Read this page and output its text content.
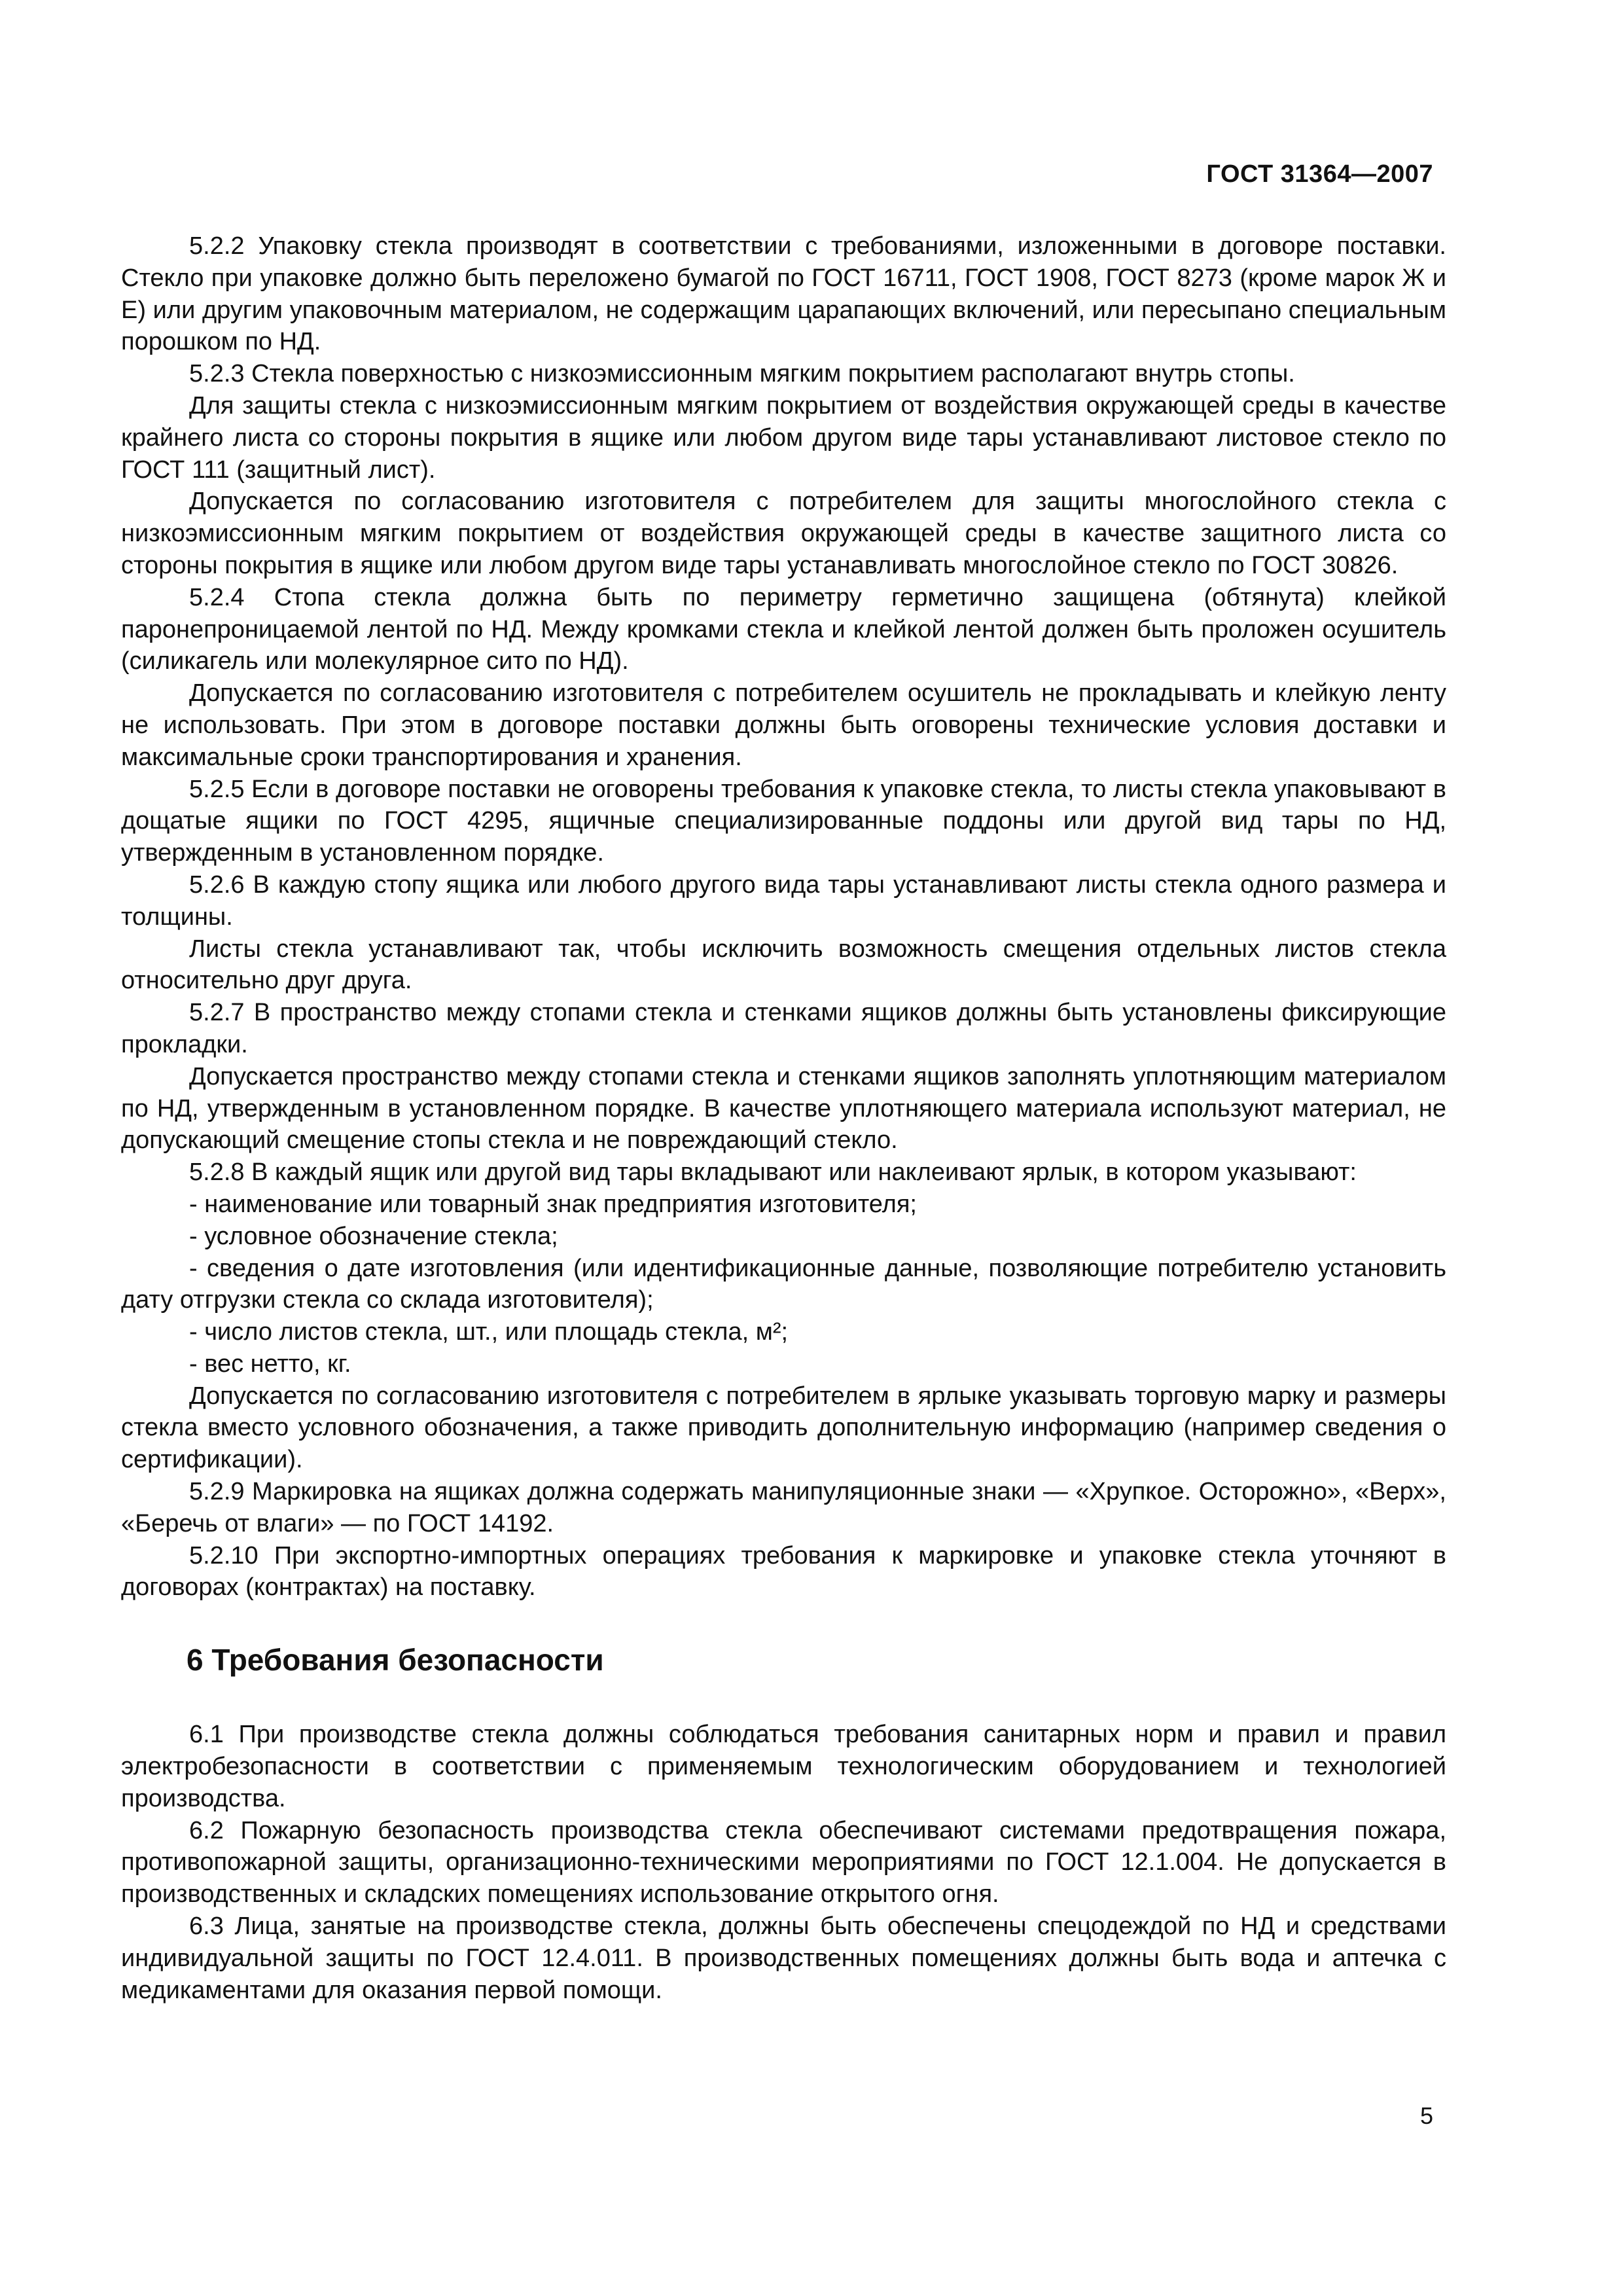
ГОСТ 31364—2007

5.2.2 Упаковку стекла производят в соответствии с требованиями, изложенными в договоре поставки. Стекло при упаковке должно быть переложено бумагой по ГОСТ 16711, ГОСТ 1908, ГОСТ 8273 (кроме марок Ж и Е) или другим упаковочным материалом, не содержащим царапающих включений, или пересыпано специальным порошком по НД.

5.2.3 Стекла поверхностью с низкоэмиссионным мягким покрытием располагают внутрь стопы.

Для защиты стекла с низкоэмиссионным мягким покрытием от воздействия окружающей среды в качестве крайнего листа со стороны покрытия в ящике или любом другом виде тары устанавливают листовое стекло по ГОСТ 111 (защитный лист).

Допускается по согласованию изготовителя с потребителем для защиты многослойного стекла с низкоэмиссионным мягким покрытием от воздействия окружающей среды в качестве защитного листа со стороны покрытия в ящике или любом другом виде тары устанавливать многослойное стекло по ГОСТ 30826.

5.2.4 Стопа стекла должна быть по периметру герметично защищена (обтянута) клейкой паронепроницаемой лентой по НД. Между кромками стекла и клейкой лентой должен быть проложен осушитель (силикагель или молекулярное сито по НД).

Допускается по согласованию изготовителя с потребителем осушитель не прокладывать и клейкую ленту не использовать. При этом в договоре поставки должны быть оговорены технические условия доставки и максимальные сроки транспортирования и хранения.

5.2.5 Если в договоре поставки не оговорены требования к упаковке стекла, то листы стекла упаковывают в дощатые ящики по ГОСТ 4295, ящичные специализированные поддоны или другой вид тары по НД, утвержденным в установленном порядке.

5.2.6 В каждую стопу ящика или любого другого вида тары устанавливают листы стекла одного размера и толщины.

Листы стекла устанавливают так, чтобы исключить возможность смещения отдельных листов стекла относительно друг друга.

5.2.7 В пространство между стопами стекла и стенками ящиков должны быть установлены фиксирующие прокладки.

Допускается пространство между стопами стекла и стенками ящиков заполнять уплотняющим материалом по НД, утвержденным в установленном порядке. В качестве уплотняющего материала используют материал, не допускающий смещение стопы стекла и не повреждающий стекло.

5.2.8 В каждый ящик или другой вид тары вкладывают или наклеивают ярлык, в котором указывают:

- наименование или товарный знак предприятия изготовителя;

- условное обозначение стекла;

- сведения о дате изготовления (или идентификационные данные, позволяющие потребителю установить дату отгрузки стекла со склада изготовителя);

- число листов стекла, шт., или площадь стекла, м²;

- вес нетто, кг.

Допускается по согласованию изготовителя с потребителем в ярлыке указывать торговую марку и размеры стекла вместо условного обозначения, а также приводить дополнительную информацию (например сведения о сертификации).

5.2.9 Маркировка на ящиках должна содержать манипуляционные знаки — «Хрупкое. Осторожно», «Верх», «Беречь от влаги» — по ГОСТ 14192.

5.2.10 При экспортно-импортных операциях требования к маркировке и упаковке стекла уточняют в договорах (контрактах) на поставку.

6 Требования безопасности

6.1 При производстве стекла должны соблюдаться требования санитарных норм и правил и правил электробезопасности в соответствии с применяемым технологическим оборудованием и технологией производства.

6.2 Пожарную безопасность производства стекла обеспечивают системами предотвращения пожара, противопожарной защиты, организационно-техническими мероприятиями по ГОСТ 12.1.004. Не допускается в производственных и складских помещениях использование открытого огня.

6.3 Лица, занятые на производстве стекла, должны быть обеспечены спецодеждой по НД и средствами индивидуальной защиты по ГОСТ 12.4.011. В производственных помещениях должны быть вода и аптечка с медикаментами для оказания первой помощи.

5
